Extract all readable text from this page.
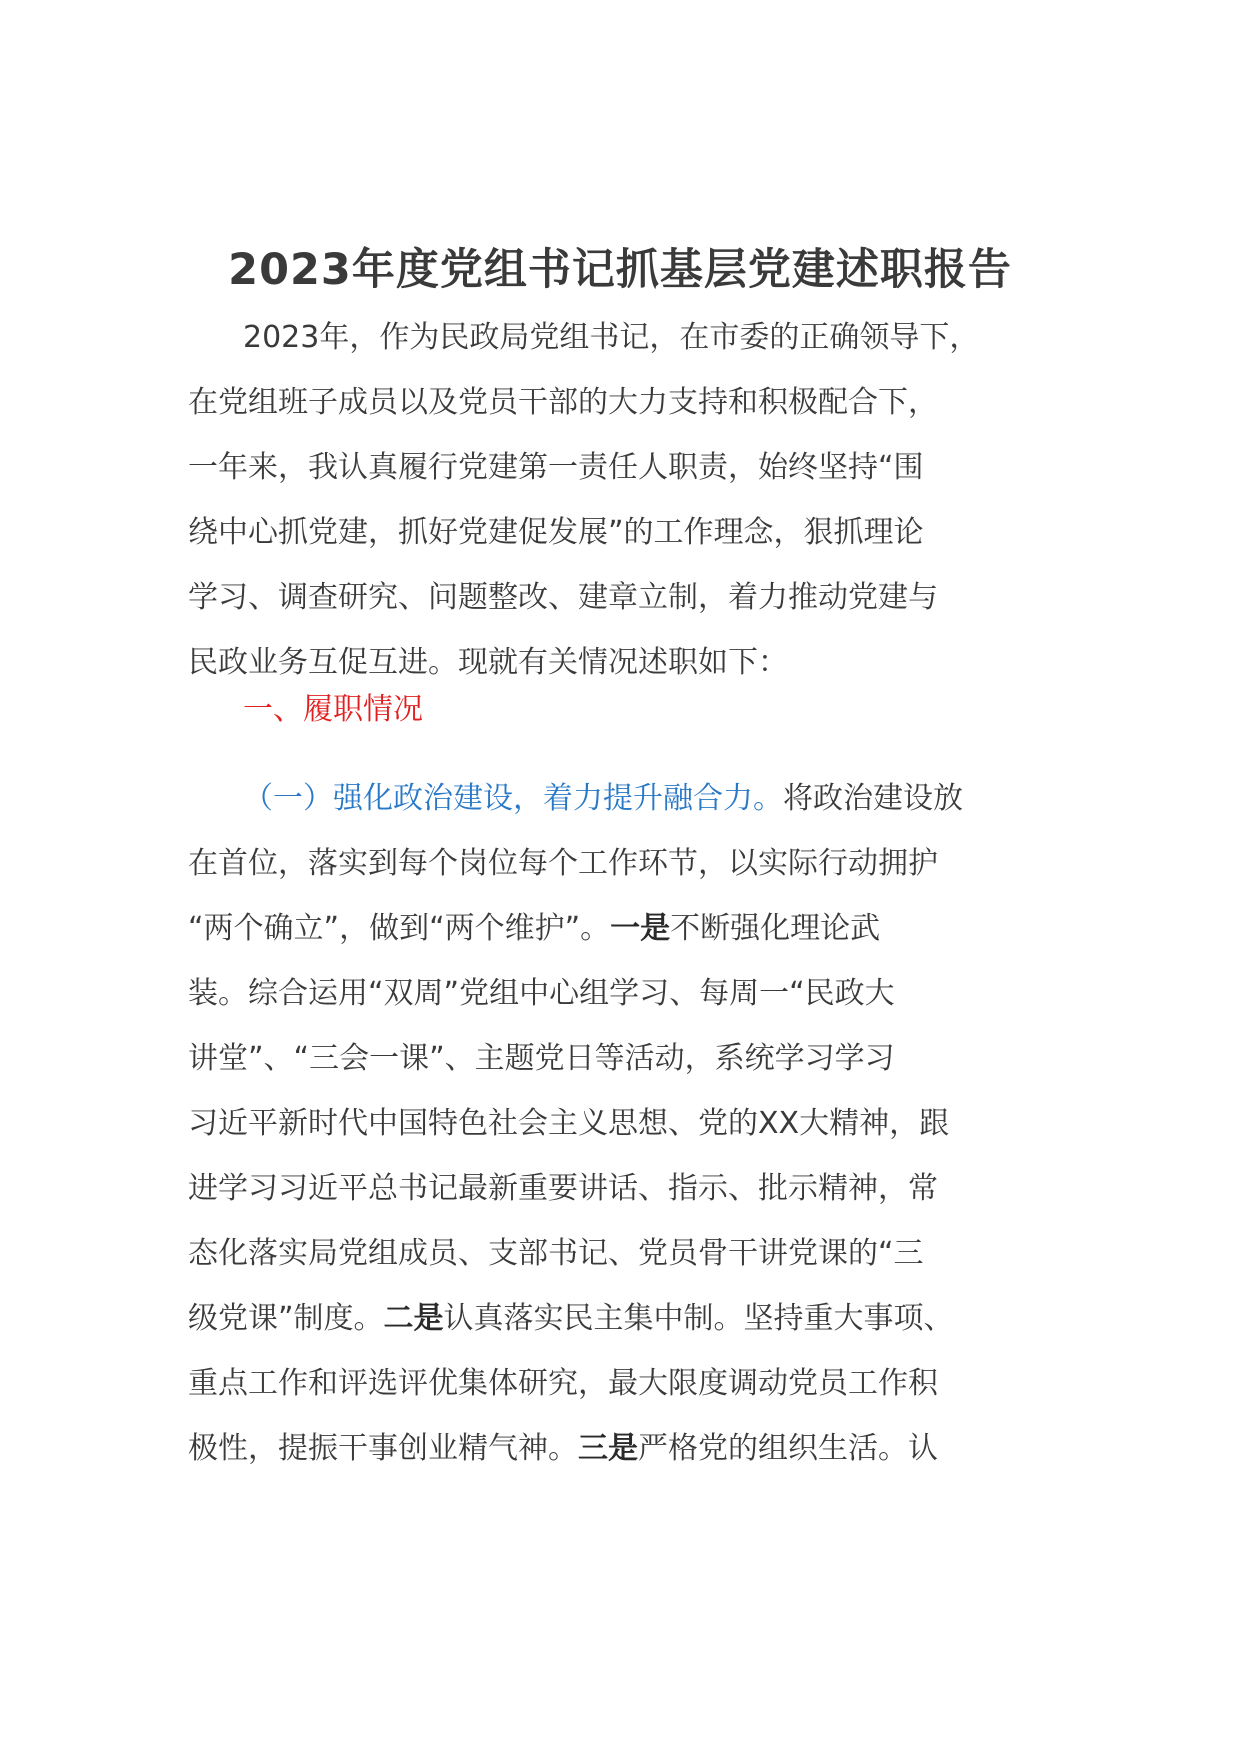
2023年度党组书记抓基层党建述职报告

2023年，作为民政局党组书记，在市委的正确领导下，
在党组班子成员以及党员干部的大力支持和积极配合下，
一年来，我认真履行党建第一责任人职责，始终坚持“围
绕中心抓党建，抓好党建促发展”的工作理念，狠抓理论
学习、调查研究、问题整改、建章立制，着力推动党建与
民政业务互促互进。现就有关情况述职如下：

一、履职情况

（一）强化政治建设，着力提升融合力。将政治建设放
在首位，落实到每个岗位每个工作环节，以实际行动拥护
“两个确立”，做到“两个维护”。一是不断强化理论武
装。综合运用“双周”党组中心组学习、每周一“民政大
讲堂”、“三会一课”、主题党日等活动，系统学习学习
习近平新时代中国特色社会主义思想、党的XX大精神，跟
进学习习近平总书记最新重要讲话、指示、批示精神，常
态化落实局党组成员、支部书记、党员骨干讲党课的“三
级党课”制度。二是认真落实民主集中制。坚持重大事项、
重点工作和评选评优集体研究，最大限度调动党员工作积
极性，提振干事创业精气神。三是严格党的组织生活。认
